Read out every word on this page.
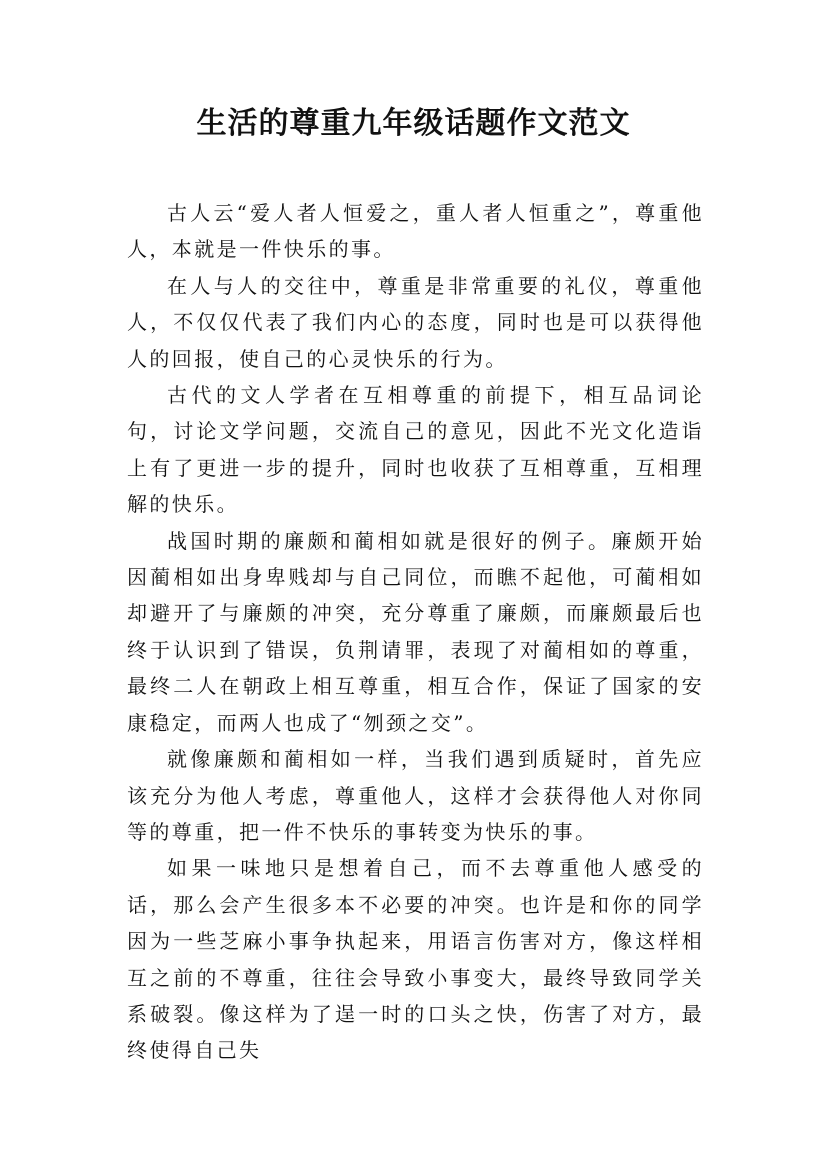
生活的尊重九年级话题作文范文

古人云“爱人者人恒爱之，重人者人恒重之”，尊重他人，本就是一件快乐的事。

在人与人的交往中，尊重是非常重要的礼仪，尊重他人，不仅仅代表了我们内心的态度，同时也是可以获得他人的回报，使自己的心灵快乐的行为。

古代的文人学者在互相尊重的前提下，相互品词论句，讨论文学问题，交流自己的意见，因此不光文化造诣上有了更进一步的提升，同时也收获了互相尊重，互相理解的快乐。

战国时期的廉颇和蔺相如就是很好的例子。廉颇开始因蔺相如出身卑贱却与自己同位，而瞧不起他，可蔺相如却避开了与廉颇的冲突，充分尊重了廉颇，而廉颇最后也终于认识到了错误，负荆请罪，表现了对蔺相如的尊重，最终二人在朝政上相互尊重，相互合作，保证了国家的安康稳定，而两人也成了“刎颈之交”。

就像廉颇和蔺相如一样，当我们遇到质疑时，首先应该充分为他人考虑，尊重他人，这样才会获得他人对你同等的尊重，把一件不快乐的事转变为快乐的事。

如果一味地只是想着自己，而不去尊重他人感受的话，那么会产生很多本不必要的冲突。也许是和你的同学因为一些芝麻小事争执起来，用语言伤害对方，像这样相互之前的不尊重，往往会导致小事变大，最终导致同学关系破裂。像这样为了逞一时的口头之快，伤害了对方，最终使得自己失
